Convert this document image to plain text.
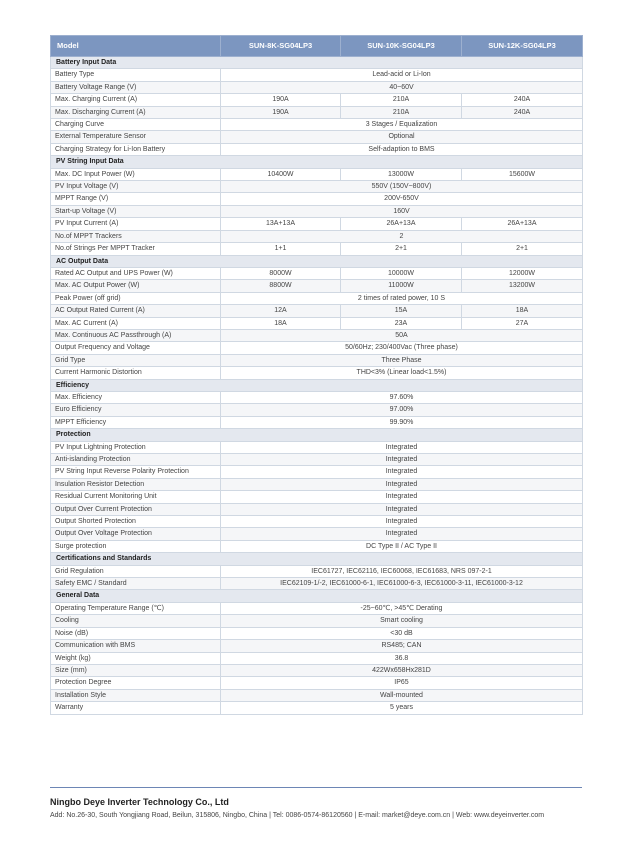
Model	SUN-8K-SG04LP3	SUN-10K-SG04LP3	SUN-12K-SG04LP3
Battery Input Data			
Battery Type	Lead-acid or Li-Ion		
Battery Voltage Range (V)	40~60V		
Max. Charging Current (A)	190A	210A	240A
Max. Discharging Current (A)	190A	210A	240A
Charging Curve	3 Stages / Equalization		
External Temperature Sensor	Optional		
Charging Strategy for Li-Ion Battery	Self-adaption to BMS		
PV String Input Data			
Max. DC Input Power (W)	10400W	13000W	15600W
PV Input Voltage (V)	550V (150V~800V)		
MPPT Range (V)	200V-650V		
Start-up Voltage (V)	160V		
PV Input Current (A)	13A+13A	26A+13A	26A+13A
No.of MPPT Trackers	2		
No.of Strings Per MPPT Tracker	1+1	2+1	2+1
AC Output Data			
Rated AC Output and UPS Power (W)	8000W	10000W	12000W
Max. AC Output Power (W)	8800W	11000W	13200W
Peak Power (off grid)	2 times of rated power, 10 S		
AC Output Rated Current (A)	12A	15A	18A
Max. AC Current (A)	18A	23A	27A
Max. Continuous AC Passthrough (A)	50A		
Output Frequency and Voltage	50/60Hz; 230/400Vac (Three phase)		
Grid Type	Three Phase		
Current Harmonic Distortion	THD<3% (Linear load<1.5%)		
Efficiency			
Max. Efficiency	97.60%		
Euro Efficiency	97.00%		
MPPT Efficiency	99.90%		
Protection			
PV Input Lightning Protection	Integrated		
Anti-islanding Protection	Integrated		
PV String Input Reverse Polarity Protection	Integrated		
Insulation Resistor Detection	Integrated		
Residual Current Monitoring Unit	Integrated		
Output Over Current Protection	Integrated		
Output Shorted Protection	Integrated		
Output Over Voltage Protection	Integrated		
Surge protection	DC Type II / AC Type II		
Certifications and Standards			
Grid Regulation	IEC61727, IEC62116, IEC60068, IEC61683, NRS 097-2-1		
Safety EMC / Standard	IEC62109-1/-2, IEC61000-6-1, IEC61000-6-3, IEC61000-3-11, IEC61000-3-12		
General Data			
Operating Temperature Range (℃)	-25~60℃, >45℃ Derating		
Cooling	Smart cooling		
Noise (dB)	<30 dB		
Communication with BMS	RS485; CAN		
Weight (kg)	36.8		
Size (mm)	422Wx658Hx281D		
Protection Degree	IP65		
Installation Style	Wall-mounted		
Warranty	5 years		
Ningbo Deye Inverter Technology Co., Ltd
Add: No.26-30, South Yongjiang Road, Beilun, 315806, Ningbo, China | Tel: 0086-0574-86120560 | E-mail: market@deye.com.cn | Web: www.deyeinverter.com
